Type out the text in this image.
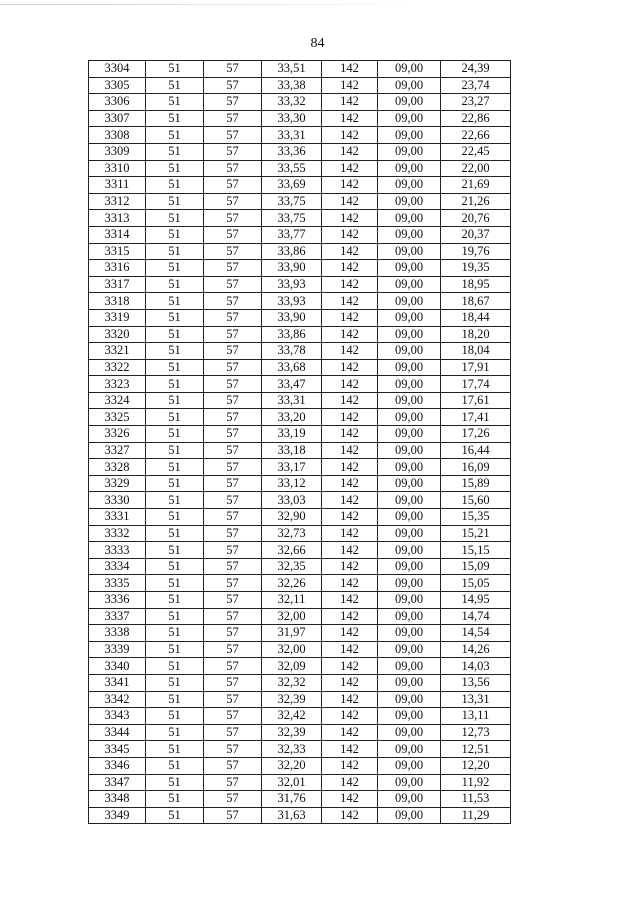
84
3304	51	57	33,51	142	09,00	24,39
3305	51	57	33,38	142	09,00	23,74
3306	51	57	33,32	142	09,00	23,27
3307	51	57	33,30	142	09,00	22,86
3308	51	57	33,31	142	09,00	22,66
3309	51	57	33,36	142	09,00	22,45
3310	51	57	33,55	142	09,00	22,00
3311	51	57	33,69	142	09,00	21,69
3312	51	57	33,75	142	09,00	21,26
3313	51	57	33,75	142	09,00	20,76
3314	51	57	33,77	142	09,00	20,37
3315	51	57	33,86	142	09,00	19,76
3316	51	57	33,90	142	09,00	19,35
3317	51	57	33,93	142	09,00	18,95
3318	51	57	33,93	142	09,00	18,67
3319	51	57	33,90	142	09,00	18,44
3320	51	57	33,86	142	09,00	18,20
3321	51	57	33,78	142	09,00	18,04
3322	51	57	33,68	142	09,00	17,91
3323	51	57	33,47	142	09,00	17,74
3324	51	57	33,31	142	09,00	17,61
3325	51	57	33,20	142	09,00	17,41
3326	51	57	33,19	142	09,00	17,26
3327	51	57	33,18	142	09,00	16,44
3328	51	57	33,17	142	09,00	16,09
3329	51	57	33,12	142	09,00	15,89
3330	51	57	33,03	142	09,00	15,60
3331	51	57	32,90	142	09,00	15,35
3332	51	57	32,73	142	09,00	15,21
3333	51	57	32,66	142	09,00	15,15
3334	51	57	32,35	142	09,00	15,09
3335	51	57	32,26	142	09,00	15,05
3336	51	57	32,11	142	09,00	14,95
3337	51	57	32,00	142	09,00	14,74
3338	51	57	31,97	142	09,00	14,54
3339	51	57	32,00	142	09,00	14,26
3340	51	57	32,09	142	09,00	14,03
3341	51	57	32,32	142	09,00	13,56
3342	51	57	32,39	142	09,00	13,31
3343	51	57	32,42	142	09,00	13,11
3344	51	57	32,39	142	09,00	12,73
3345	51	57	32,33	142	09,00	12,51
3346	51	57	32,20	142	09,00	12,20
3347	51	57	32,01	142	09,00	11,92
3348	51	57	31,76	142	09,00	11,53
3349	51	57	31,63	142	09,00	11,29
